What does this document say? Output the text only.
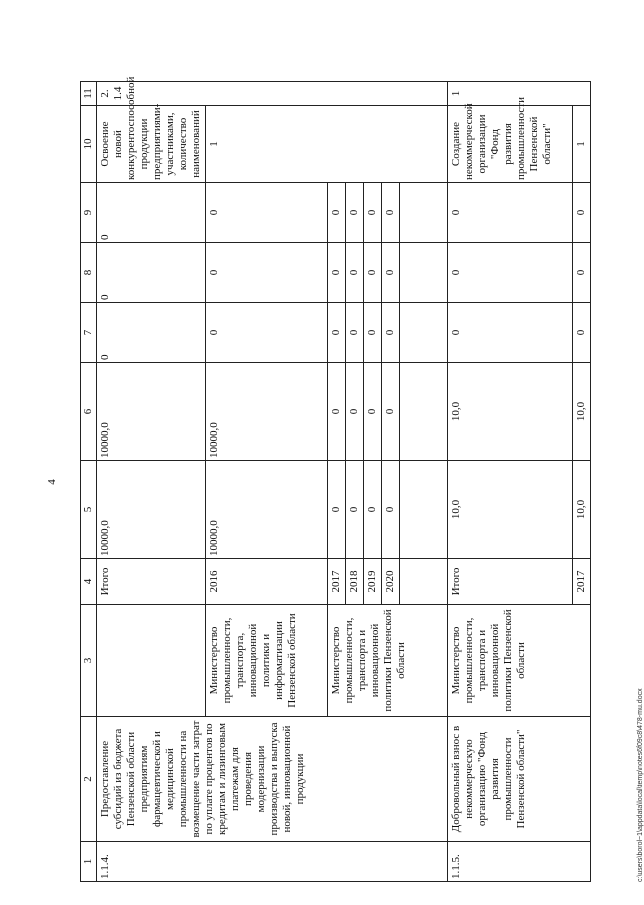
4
1	2	3	4	5	6	7	8	9	10	11
1.1.4.	Предоставление субсидий из бюджета Пензенской области предприятиям фармацевтической и медицинской промышленности на возмещение части затрат по уплате процентов по кредитам и лизинговым платежам для проведения модернизации производства и выпуска новой, инновационной продукции		Итого	10000,0	10000,0	0	0	0	Освоение новой конкурентоспособной продукции предприятиями-участниками, количество наименований	2. 1.4
		Министерство промышленности, транспорта, инновационной политики и информатизации Пензенской области	2016	10000,0	10000,0	0	0	0	1	
		Министерство промышленности, транспорта и инновационной политики Пензенской области	2017	0	0	0	0	0		
			2018	0	0	0	0	0		
			2019	0	0	0	0	0		
			2020	0	0	0	0	0		

1.1.5.	Добровольный взнос в некоммерческую организацию "Фонд развития промышленности Пензенской области"	Министерство промышленности, транспорта и инновационной политики Пензенской области	Итого	10,0	10,0	0	0	0	Создание некоммерческой организации "Фонд развития промышленности Пензенской области"	1
			2017	10,0	10,0	0	0	0	1	
c:\users\borol~1\appdata\local\temp\notes6f09c8\478-mu.docx
